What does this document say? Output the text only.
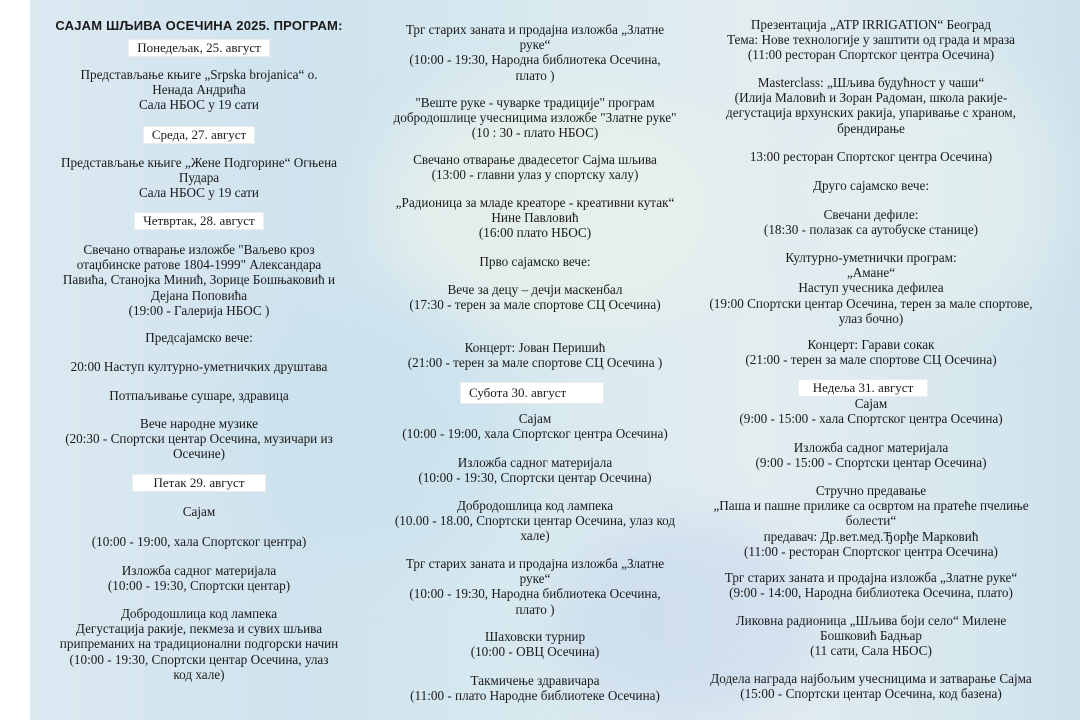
САЈАМ ШЉИВА ОСЕЧИНА 2025. ПРОГРАМ:
Понедељак, 25. август

Представљање књиге „Srpska brojanica“ о.

Ненада Андрића

Сала НБОС у 19 сати

Среда, 27. август

Представљање књиге „Жене Подгорине“ Огњена

Пудара

Сала НБОС у 19 сати

Четвртак, 28. август

Свечано отварање изложбе "Ваљево кроз

отаџбинске ратове 1804-1999" Александара

Павића, Станојка Минић, Зорице Бошњаковић и

Дејана Поповића

(19:00 - Галерија НБОС )

Предсајамско вече:

20:00 Наступ културно-уметничких друштава

Потпаљивање сушаре, здравица

Вече народне музике

(20:30 - Спортски центар Осечина, музичари из

Осечине)

Петак 29. август

Сајам

(10:00 - 19:00, хала Спортског центра)

Изложба садног материјала

(10:00 - 19:30, Спортски центар)

Добродошлица код лампека

Дегустација ракије, пекмеза и сувих шљива

припреманих на традиционални подгорски начин

(10:00 - 19:30, Спортски центар Осечина, улаз

код хале)

Трг старих заната и продајна изложба „Златне

руке“

(10:00 - 19:30, Народна библиотека Осечина,

плато )

"Веште руке - чуваркe традиције" програм

добродошлице учесницима изложбе "Златне руке"

(10 : 30 - плато НБОС)

Свечано отварање двадесетог Сајма шљива

(13:00 - главни улаз у спортску халу)

„Радионица за младе креаторе - креативни кутак“

Нине Павловић

(16:00 плато НБОС)

Прво сајамско вече:

Вече за децу – дечји маскенбал

(17:30 - терен за мале спортове СЦ Осечина)

Концерт: Јован Перишић

(21:00 - терен за мале спортове СЦ Осечина )

Субота 30. август

Сајам

(10:00 - 19:00, хала Спортског центра Осечина)

Изложба садног материјала

(10:00 - 19:30, Спортски центар Осечина)

Добродошлица код лампека

(10.00 - 18.00, Спортски центар Осечина, улаз код

хале)

Трг старих заната и продајна изложба „Златне

руке“

(10:00 - 19:30, Народна библиотека Осечина,

плато )

Шаховски турнир

(10:00 - ОВЦ Осечина)

Такмичење здравичара

(11:00 - плато Народне библиотеке Осечина)

Презентација „ATP IRRIGATION“ Београд

Тема: Нове технологије у заштити од града и мраза

(11:00 ресторан Спортског центра Осечина)

Masterclass: „Шљива будућност у чаши“

(Илија Маловић и Зоран Радоман, школа ракије-

дегустација врхунских ракија, упаривање с храном,

брендирање

13:00 ресторан Спортског центра Осечина)

Друго сајамско вече:

Свечани дефиле:

(18:30 - полазак са аутобуске станице)

Културно-уметнички програм:

„Амане“

Наступ учесника дефилеа

(19:00 Спортски центар Осечина, терен за мале спортове,

улаз бочно)

Концерт: Гарави сокак

(21:00 - терен за мале спортове СЦ Осечина)

Недеља 31. август

Сајам

(9:00 - 15:00 - хала Спортског центра Осечина)

Изложба садног материјала

(9:00 - 15:00 - Спортски центар Осечина)

Стручно предавање

„Паша и пашне прилике са освртом на пратеће пчелиње

болести“

предавач: Др.вет.мед.Ђорђе Марковић

(11:00 - ресторан Спортског центра Осечина)

Трг старих заната и продајна изложба „Златне руке“

(9:00 - 14:00, Народна библиотека Осечина, плато)

Ликовна радионица „Шљива боји село“ Милене

Бошковић Бадњар

(11 сати, Сала НБОС)

Додела награда најбољим учесницима и затварање Сајма

(15:00 - Спортски центар Осечина, код базена)
